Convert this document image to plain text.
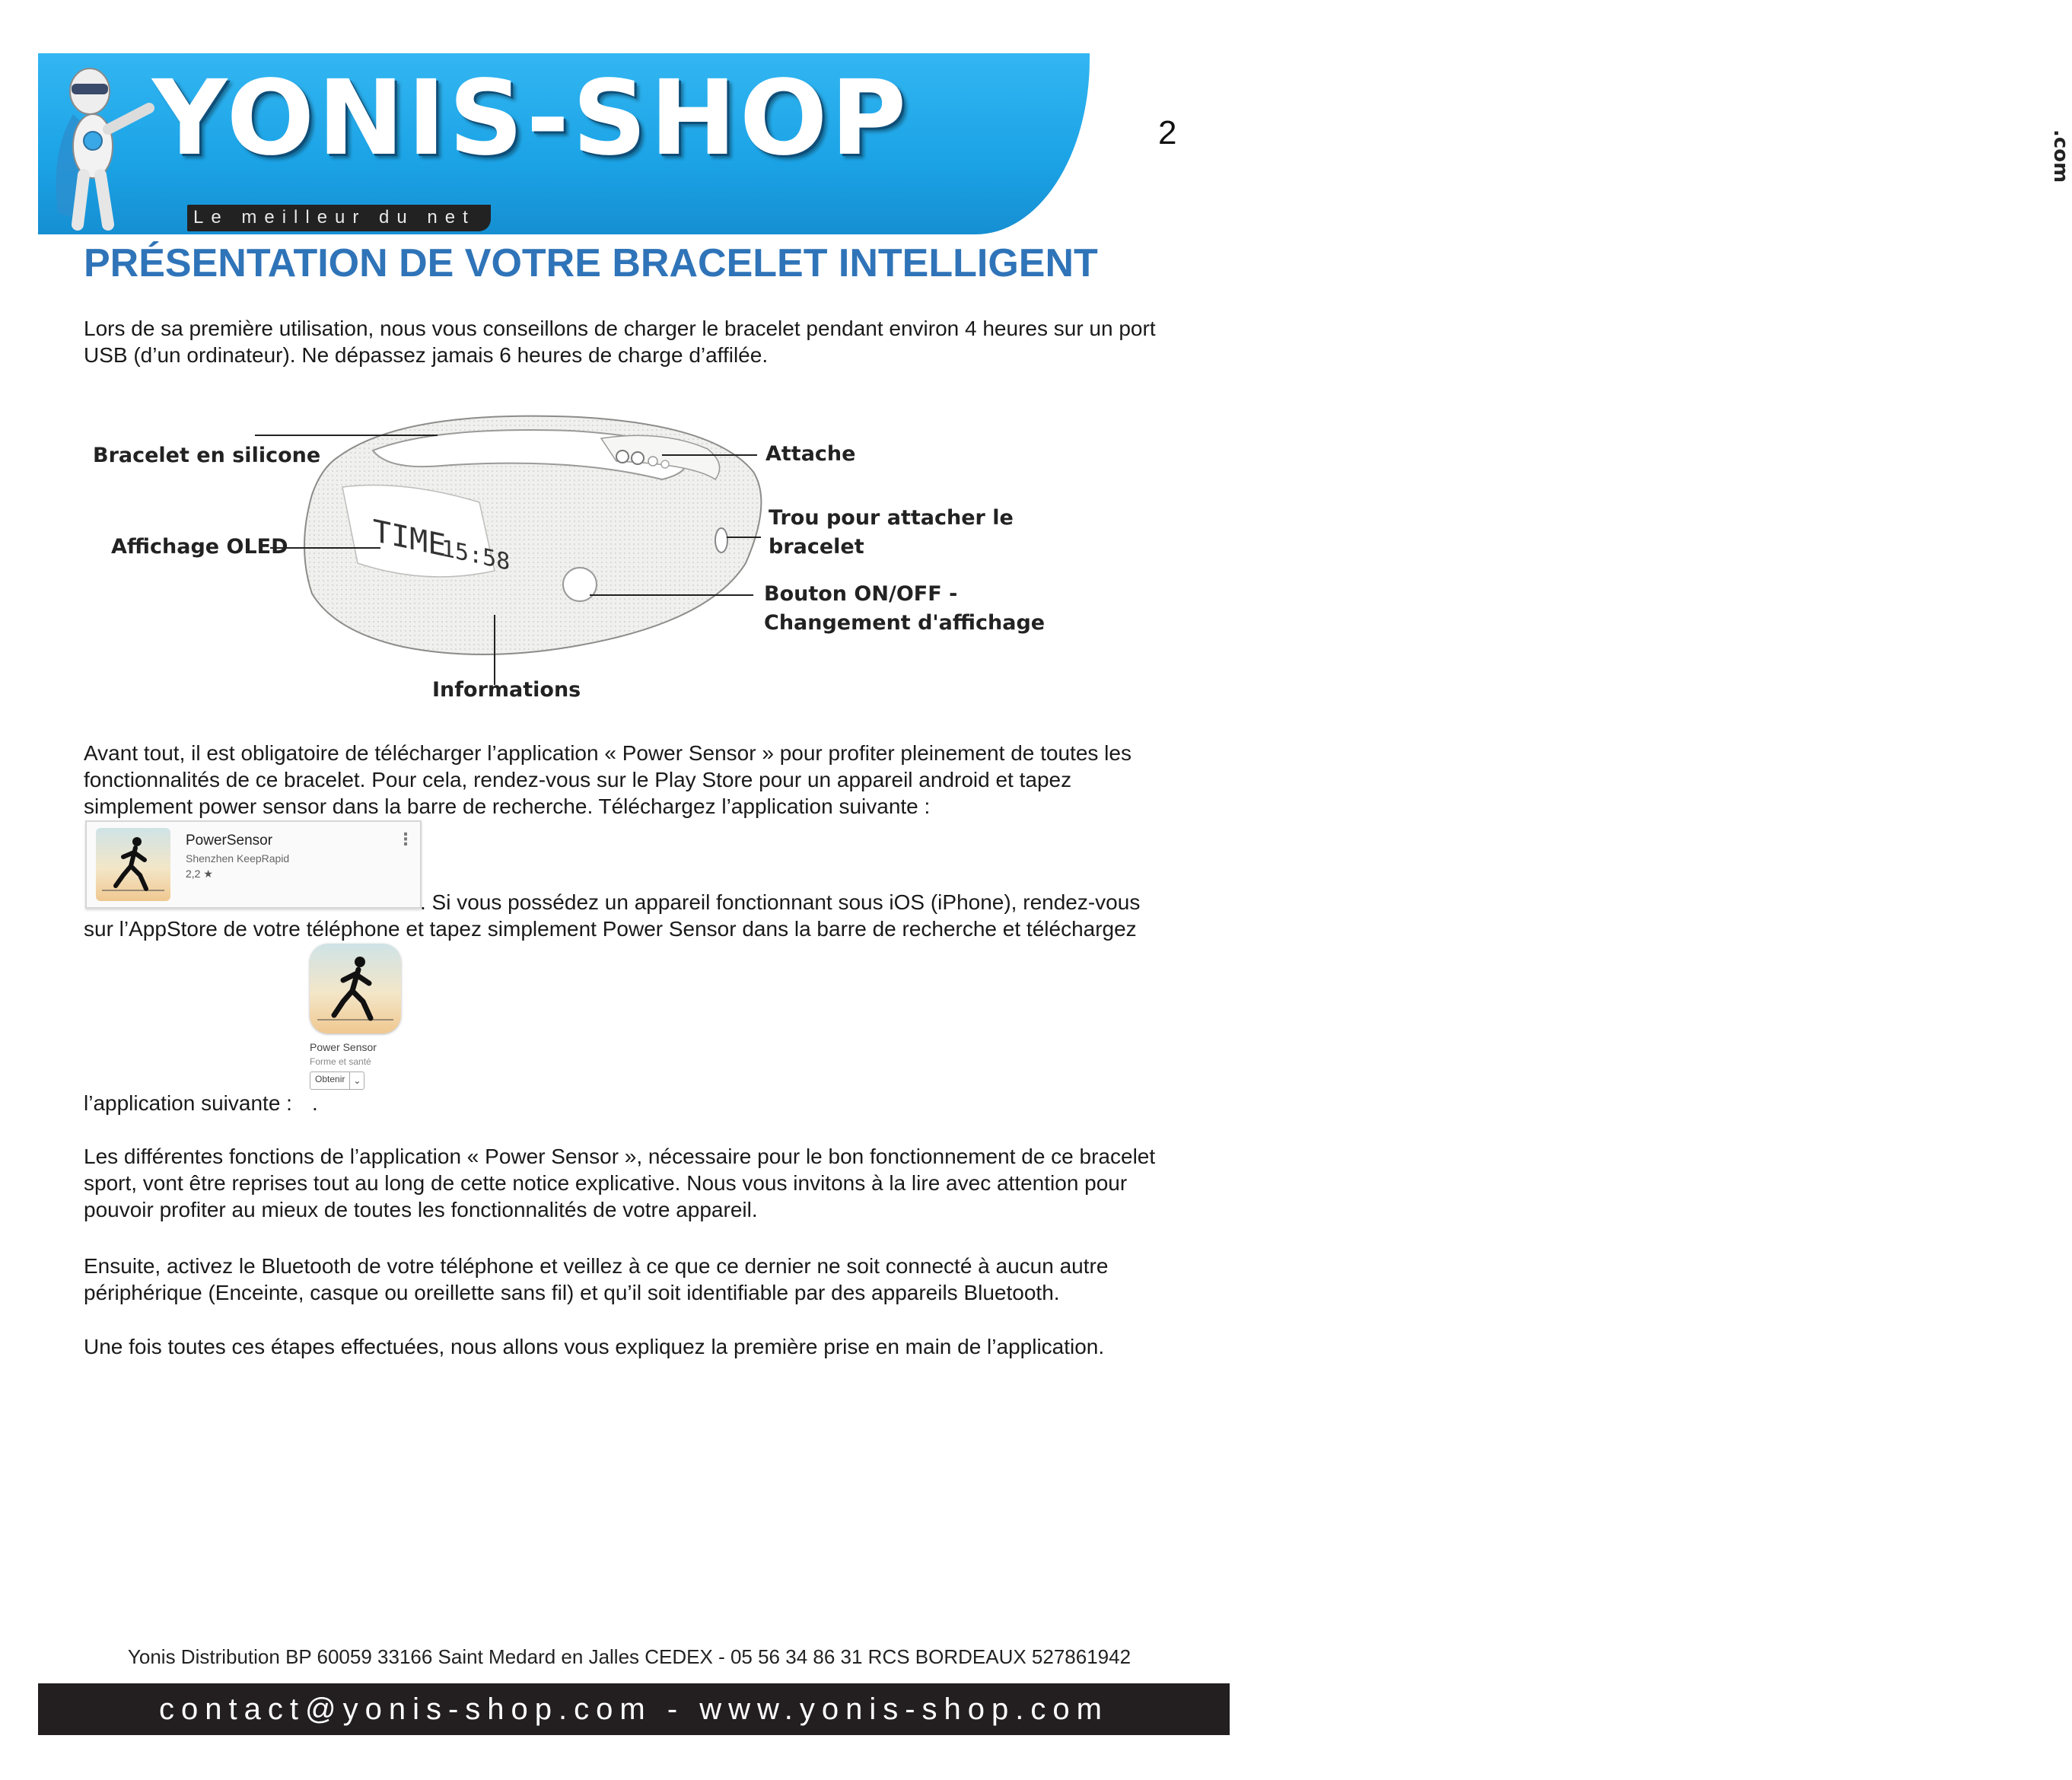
YONIS-SHOP	.com
Le meilleur du net
2
PRÉSENTATION DE VOTRE BRACELET INTELLIGENT

Lors de sa première utilisation, nous vous conseillons de charger le bracelet pendant environ 4 heures sur un port USB (d’un ordinateur). Ne dépassez jamais 6 heures de charge d’affilée.

TIME
15:58
Bracelet en silicone
Affichage OLED
Attache
Trou pour attacher le
bracelet
Bouton ON/OFF -
Changement d'affichage
Informations

Avant tout, il est obligatoire de télécharger l’application « Power Sensor » pour profiter pleinement de toutes les fonctionnalités de ce bracelet. Pour cela, rendez-vous sur le Play Store pour un appareil android et tapez simplement power sensor dans la barre de recherche. Téléchargez l’application suivante :

PowerSensor
Shenzhen KeepRapid
2,2 ★
⋮

. Si vous possédez un appareil fonctionnant sous iOS (iPhone), rendez-vous

sur l’AppStore de votre téléphone et tapez simplement Power Sensor dans la barre de recherche et téléchargez

Power Sensor
Forme et santé
Obtenir ⌄

l’application suivante : .

Les différentes fonctions de l’application « Power Sensor », nécessaire pour le bon fonctionnement de ce bracelet sport, vont être reprises tout au long de cette notice explicative. Nous vous invitons à la lire avec attention pour pouvoir profiter au mieux de toutes les fonctionnalités de votre appareil.

Ensuite, activez le Bluetooth de votre téléphone et veillez à ce que ce dernier ne soit connecté à aucun autre périphérique (Enceinte, casque ou oreillette sans fil) et qu’il soit identifiable par des appareils Bluetooth.

Une fois toutes ces étapes effectuées, nous allons vous expliquez la première prise en main de l’application.

Yonis Distribution BP 60059 33166 Saint Medard en Jalles CEDEX - 05 56 34 86 31 RCS BORDEAUX 527861942
contact@yonis-shop.com - www.yonis-shop.com
